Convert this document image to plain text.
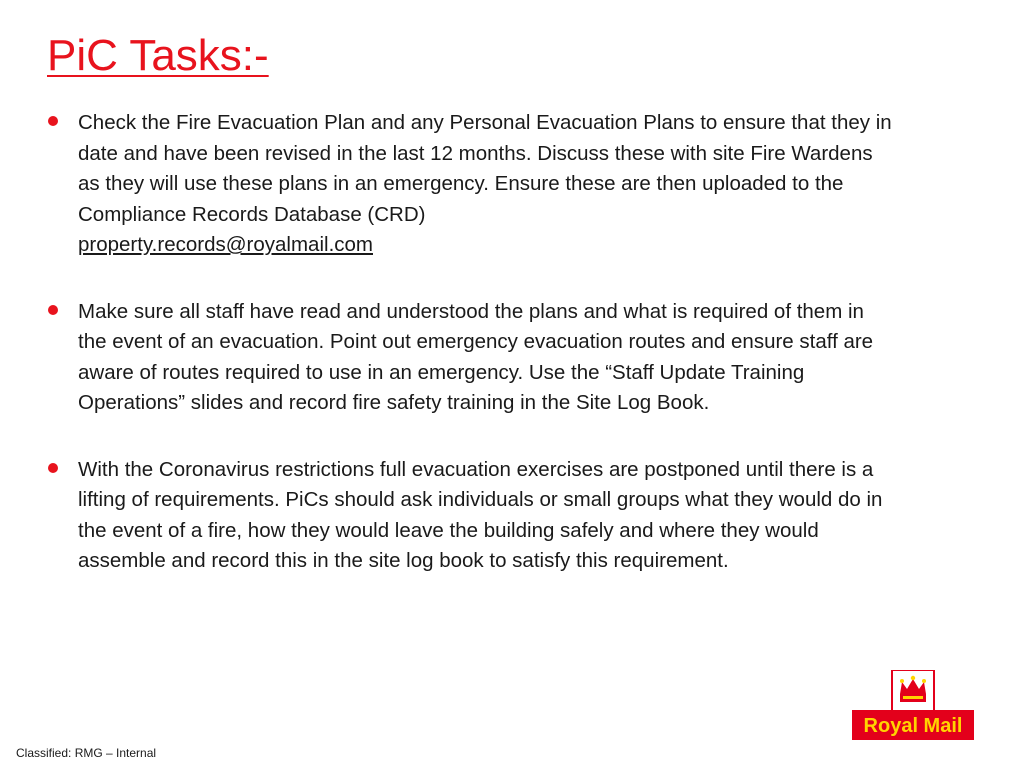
PiC Tasks:-
Check the Fire Evacuation Plan and any Personal Evacuation Plans to ensure that they in date and have been revised in the last 12 months. Discuss these with site Fire Wardens as they will use these plans in an emergency. Ensure these are then uploaded to the Compliance Records Database (CRD)
property.records@royalmail.com
Make sure all staff have read and understood the plans and what is required of them in the event of an evacuation. Point out emergency evacuation routes and ensure staff are aware of routes required to use in an emergency. Use the “Staff Update Training Operations” slides and record fire safety training in the Site Log Book.
With the Coronavirus restrictions full evacuation exercises are postponed until there is a lifting of requirements. PiCs should ask individuals or small groups what they would do in the event of a fire, how they would leave the building safely and where they would assemble and record this in the site log book to satisfy this requirement.
Classified: RMG – Internal
Royal Mail
